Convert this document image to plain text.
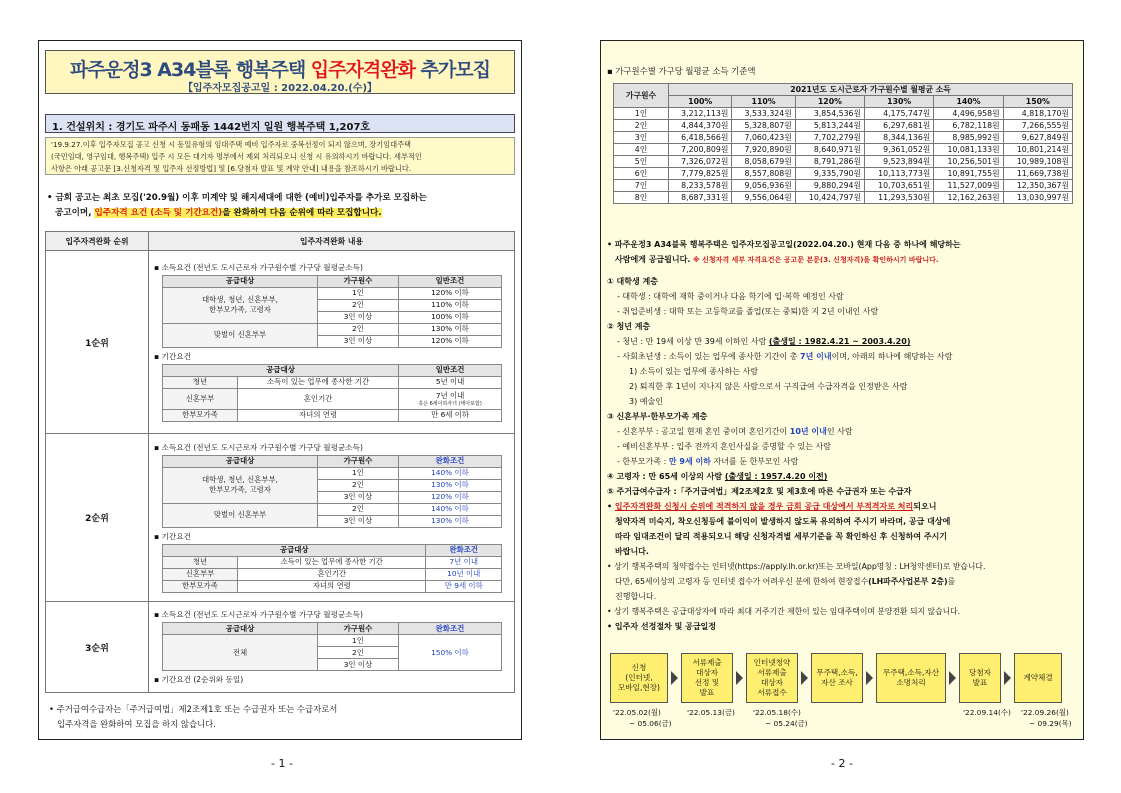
파주운정3 A34블록 행복주택 입주자격완화 추가모집
【입주자모집공고일 : 2022.04.20.(수)】
1. 건설위치 : 경기도 파주시 동패동 1442번지 일원 행복주택 1,207호
'19.9.27.이후 입주자모집 공고 신청 시 동일유형의 임대주택 예비 입주자로 중복선정이 되지 않으며, 장기임대주택
(국민임대, 영구임대, 행복주택) 입주 시 모든 대기자 명부에서 제외 처리되오니 신청 시 유의하시기 바랍니다. 세부적인
사항은 아래 공고문 [3.신청자격 및 입주자 선정방법] 및 [6.당첨자 발표 및 계약 안내] 내용을 참조하시기 바랍니다.
• 금회 공고는 최초 모집('20.9월) 이후 미계약 및 해지세대에 대한 (예비)입주자를 추가로 모집하는
공고이며, 입주자격 요건 (소득 및 기간요건)을 완화하여 다음 순위에 따라 모집합니다.
입주자격완화 순위	입주자격완화 내용
1순위	
▪ 소득요건 (전년도 도시근로자 가구원수별 가구당 월평균소득)
공급대상	가구원수	일반조건

대학생, 청년, 신혼부부,
한부모가족, 고령자
	1인	120% 이하
2인	110% 이하
3인 이상	100% 이하
맞벌이 신혼부부	2인	130% 이하
3인 이상	120% 이하
▪ 기간요건
공급대상	일반조건
청년	소득이 있는 업무에 종사한 기간	5년 이내
신혼부부	혼인기간	7년 이내
혹은 6세이하자녀 (태아포함)

한부모가족	자녀의 연령	만 6세 이하

2순위	
▪ 소득요건 (전년도 도시근로자 가구원수별 가구당 월평균소득)
공급대상	가구원수	완화조건

대학생, 청년, 신혼부부,
한부모가족, 고령자
	1인	140% 이하
2인	130% 이하
3인 이상	120% 이하
맞벌이 신혼부부	2인	140% 이하
3인 이상	130% 이하
▪ 기간요건
공급대상	완화조건
청년	소득이 있는 업무에 종사한 기간	7년 이내
신혼부부	혼인기간	10년 이내
한부모가족	자녀의 연령	만 9세 이하

3순위	
▪ 소득요건 (전년도 도시근로자 가구원수별 가구당 월평균소득)
공급대상	가구원수	완화조건
전체	1인	150% 이하
2인
3인 이상
▪ 기간요건 (2순위와 동일)
• 주거급여수급자는「주거급여법」제2조제1호 또는 수급권자 또는 수급자로서
입주자격을 완화하여 모집을 하지 않습니다.
- 1 -
▪ 가구원수별 가구당 월평균 소득 기준액
가구원수	2021년도 도시근로자 가구원수별 월평균 소득					
	100%	110%	120%	130%	140%	150%
1인	3,212,113원	3,533,324원	3,854,536원	4,175,747원	4,496,958원	4,818,170원
2인	4,844,370원	5,328,807원	5,813,244원	6,297,681원	6,782,118원	7,266,555원
3인	6,418,566원	7,060,423원	7,702,279원	8,344,136원	8,985,992원	9,627,849원
4인	7,200,809원	7,920,890원	8,640,971원	9,361,052원	10,081,133원	10,801,214원
5인	7,326,072원	8,058,679원	8,791,286원	9,523,894원	10,256,501원	10,989,108원
6인	7,779,825원	8,557,808원	9,335,790원	10,113,773원	10,891,755원	11,669,738원
7인	8,233,578원	9,056,936원	9,880,294원	10,703,651원	11,527,009원	12,350,367원
8인	8,687,331원	9,556,064원	10,424,797원	11,293,530원	12,162,263원	13,030,997원
• 파주운정3 A34블록 행복주택은 입주자모집공고일(2022.04.20.) 현재 다음 중 하나에 해당하는
사람에게 공급됩니다. ※ 신청자격 세부 자격요건은 공고문 본문(3. 신청자격)을 확인하시기 바랍니다.
① 대학생 계층
- 대학생 : 대학에 재학 중이거나 다음 학기에 입·복학 예정인 사람
- 취업준비생 : 대학 또는 고등학교를 졸업(또는 중퇴)한 지 2년 이내인 사람
② 청년 계층
- 청년 : 만 19세 이상 만 39세 이하인 사람 (출생일 : 1982.4.21 ~ 2003.4.20)
- 사회초년생 : 소득이 있는 업무에 종사한 기간이 총 7년 이내이며, 아래의 하나에 해당하는 사람
1) 소득이 있는 업무에 종사하는 사람
2) 퇴직한 후 1년이 지나지 않은 사람으로서 구직급여 수급자격을 인정받은 사람
3) 예술인
③ 신혼부부·한부모가족 계층
- 신혼부부 : 공고일 현재 혼인 중이며 혼인기간이 10년 이내인 사람
- 예비신혼부부 : 입주 전까지 혼인사실을 증명할 수 있는 사람
- 한부모가족 : 만 9세 이하 자녀를 둔 한부모인 사람
④ 고령자 : 만 65세 이상의 사람 (출생일 : 1957.4.20 이전)
⑤ 주거급여수급자 :「주거급여법」제2조제2호 및 제3호에 따른 수급권자 또는 수급자
• 입주자격완화 신청시 순위에 적격하지 않을 경우 금회 공급 대상에서 부적격자로 처리되오니
청약자격 미숙지, 착오신청등에 불이익이 발생하지 않도록 유의하여 주시기 바라며, 공급 대상에
따라 임대조건이 달리 적용되오니 해당 신청자격별 세부기준을 꼭 확인하신 후 신청하여 주시기
바랍니다.
• 상기 행복주택의 청약접수는 인터넷(https://apply.lh.or.kr)또는 모바일(App명칭 : LH청약센터)로 받습니다.
다만, 65세이상의 고령자 등 인터넷 접수가 어려우신 분에 한하여 현장접수(LH파주사업본부 2층)를
진행합니다.
• 상기 행복주택은 공급대상자에 따라 최대 거주기간 제한이 있는 임대주택이며 분양전환 되지 않습니다.
• 입주자 선정절차 및 공급일정
신청
(인터넷,
모바일,현장)
서류제출
대상자
선정 및
발표
인터넷청약
서류제출
대상자
서류접수
무주택,소득,
자산 조사
무주택,소득,자산
소명처리
당첨자
발표
계약체결
'22.05.02(월)
~ 05.06(금)
'22.05.13(금) '22.05.18(수)
~ 05.24(금)
'22.09.14(수) '22.09.26(월)
~ 09.29(목)
- 2 -
